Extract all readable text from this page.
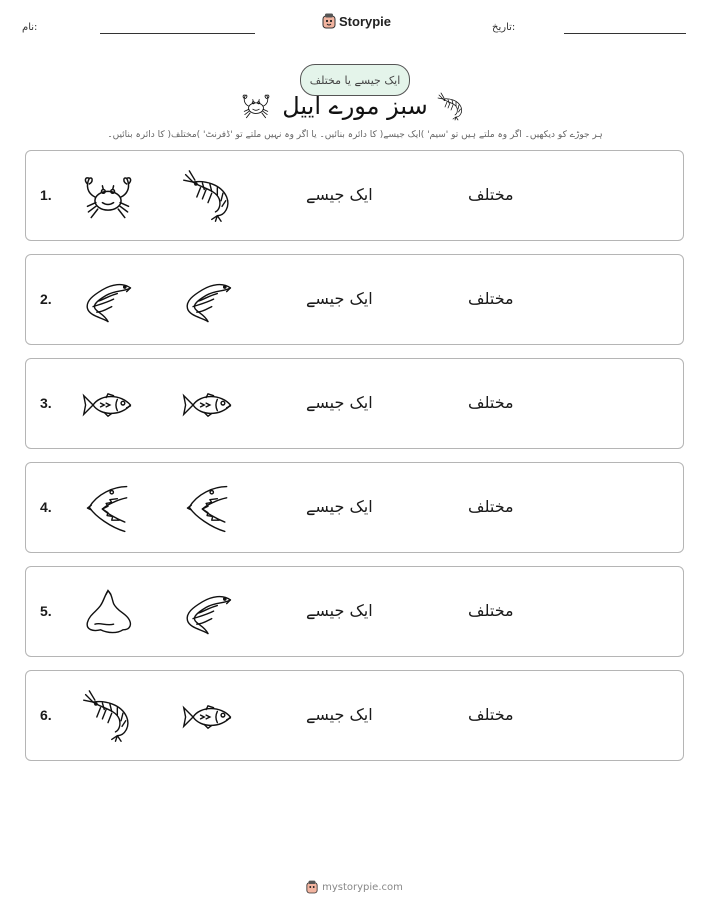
نام:	Storypie	تاریخ:
ایک جیسے یا مختلف
سبز مورے اییل
ہر جوڑے کو دیکھیں۔ اگر وہ ملتے ہیں تو 'سیم' )ایک جیسے( کا دائرہ بنائیں۔ یا اگر وہ نہیں ملتے تو 'ڈفرنٹ' )مختلف( کا دائرہ بنائیں۔
1.	ایک جیسے	مختلف
2.	ایک جیسے	مختلف
3.	ایک جیسے	مختلف
4.	ایک جیسے	مختلف
5.	ایک جیسے	مختلف
6.	ایک جیسے	مختلف
mystorypie.com
